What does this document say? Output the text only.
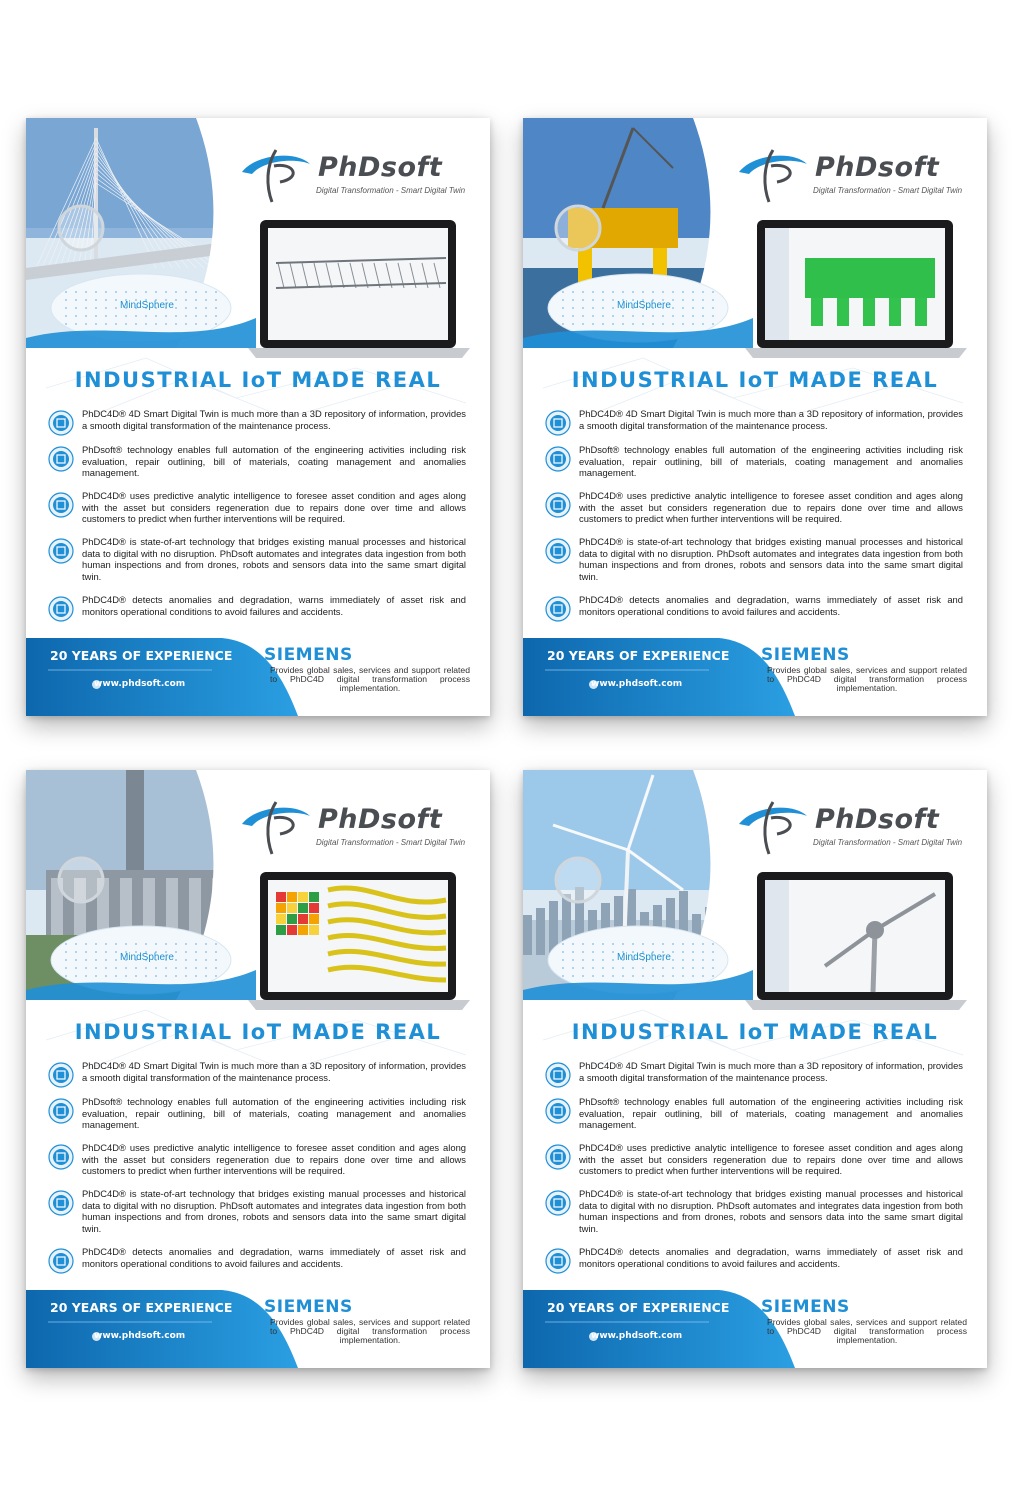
PhDsoft
Digital Transformation - Smart Digital Twin
MindSphere
INDUSTRIAL IoT MADE REAL
PhDC4D® 4D Smart Digital Twin is much more than a 3D repository of information, provides a smooth digital transformation of the maintenance process.
PhDsoft® technology enables full automation of the engineering activities including risk evaluation, repair outlining, bill of materials, coating management and anomalies management.
PhDC4D® uses predictive analytic intelligence to foresee asset condition and ages along with the asset but considers regeneration due to repairs done over time and allows customers to predict when further interventions will be required.
PhDC4D® is state-of-art technology that bridges existing manual processes and historical data to digital with no disruption. PhDsoft automates and integrates data ingestion from both human inspections and from drones, robots and sensors data into the same smart digital twin.
PhDC4D® detects anomalies and degradation, warns immediately of asset risk and monitors operational conditions to avoid failures and accidents.
20 YEARS OF EXPERIENCE
www.phdsoft.com
SIEMENS
Provides global sales, services and support related to PhDC4D digital transformation process implementation.
PhDsoft
Digital Transformation - Smart Digital Twin
MindSphere
INDUSTRIAL IoT MADE REAL
PhDC4D® 4D Smart Digital Twin is much more than a 3D repository of information, provides a smooth digital transformation of the maintenance process.
PhDsoft® technology enables full automation of the engineering activities including risk evaluation, repair outlining, bill of materials, coating management and anomalies management.
PhDC4D® uses predictive analytic intelligence to foresee asset condition and ages along with the asset but considers regeneration due to repairs done over time and allows customers to predict when further interventions will be required.
PhDC4D® is state-of-art technology that bridges existing manual processes and historical data to digital with no disruption. PhDsoft automates and integrates data ingestion from both human inspections and from drones, robots and sensors data into the same smart digital twin.
PhDC4D® detects anomalies and degradation, warns immediately of asset risk and monitors operational conditions to avoid failures and accidents.
20 YEARS OF EXPERIENCE
www.phdsoft.com
SIEMENS
Provides global sales, services and support related to PhDC4D digital transformation process implementation.
PhDsoft
Digital Transformation - Smart Digital Twin
MindSphere
INDUSTRIAL IoT MADE REAL
PhDC4D® 4D Smart Digital Twin is much more than a 3D repository of information, provides a smooth digital transformation of the maintenance process.
PhDsoft® technology enables full automation of the engineering activities including risk evaluation, repair outlining, bill of materials, coating management and anomalies management.
PhDC4D® uses predictive analytic intelligence to foresee asset condition and ages along with the asset but considers regeneration due to repairs done over time and allows customers to predict when further interventions will be required.
PhDC4D® is state-of-art technology that bridges existing manual processes and historical data to digital with no disruption. PhDsoft automates and integrates data ingestion from both human inspections and from drones, robots and sensors data into the same smart digital twin.
PhDC4D® detects anomalies and degradation, warns immediately of asset risk and monitors operational conditions to avoid failures and accidents.
20 YEARS OF EXPERIENCE
www.phdsoft.com
SIEMENS
Provides global sales, services and support related to PhDC4D digital transformation process implementation.
PhDsoft
Digital Transformation - Smart Digital Twin
MindSphere
INDUSTRIAL IoT MADE REAL
PhDC4D® 4D Smart Digital Twin is much more than a 3D repository of information, provides a smooth digital transformation of the maintenance process.
PhDsoft® technology enables full automation of the engineering activities including risk evaluation, repair outlining, bill of materials, coating management and anomalies management.
PhDC4D® uses predictive analytic intelligence to foresee asset condition and ages along with the asset but considers regeneration due to repairs done over time and allows customers to predict when further interventions will be required.
PhDC4D® is state-of-art technology that bridges existing manual processes and historical data to digital with no disruption. PhDsoft automates and integrates data ingestion from both human inspections and from drones, robots and sensors data into the same smart digital twin.
PhDC4D® detects anomalies and degradation, warns immediately of asset risk and monitors operational conditions to avoid failures and accidents.
20 YEARS OF EXPERIENCE
www.phdsoft.com
SIEMENS
Provides global sales, services and support related to PhDC4D digital transformation process implementation.
